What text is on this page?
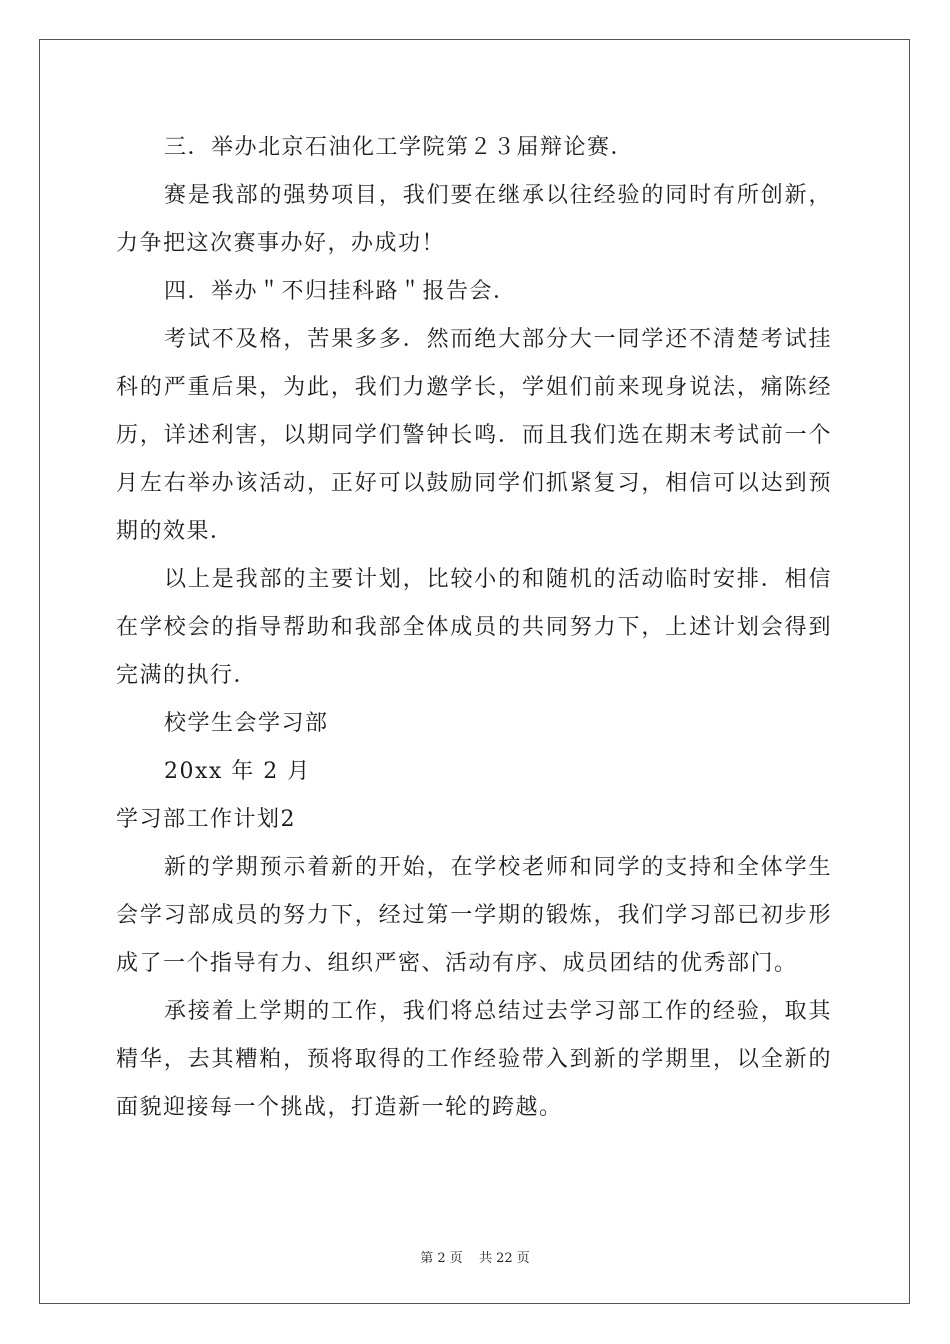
三．举办北京石油化工学院第２３届辩论赛．

赛是我部的强势项目，我们要在继承以往经验的同时有所创新，力争把这次赛事办好，办成功！

四．举办＂不归挂科路＂报告会．

考试不及格，苦果多多．然而绝大部分大一同学还不清楚考试挂科的严重后果，为此，我们力邀学长，学姐们前来现身说法，痛陈经历，详述利害，以期同学们警钟长鸣．而且我们选在期末考试前一个月左右举办该活动，正好可以鼓励同学们抓紧复习，相信可以达到预期的效果．

以上是我部的主要计划，比较小的和随机的活动临时安排．相信在学校会的指导帮助和我部全体成员的共同努力下，上述计划会得到完满的执行．

校学生会学习部

20xx 年 2 月

学习部工作计划2

新的学期预示着新的开始，在学校老师和同学的支持和全体学生会学习部成员的努力下，经过第一学期的锻炼，我们学习部已初步形成了一个指导有力、组织严密、活动有序、成员团结的优秀部门。

承接着上学期的工作，我们将总结过去学习部工作的经验，取其精华，去其糟粕，预将取得的工作经验带入到新的学期里，以全新的面貌迎接每一个挑战，打造新一轮的跨越。

第 2 页 共 22 页
